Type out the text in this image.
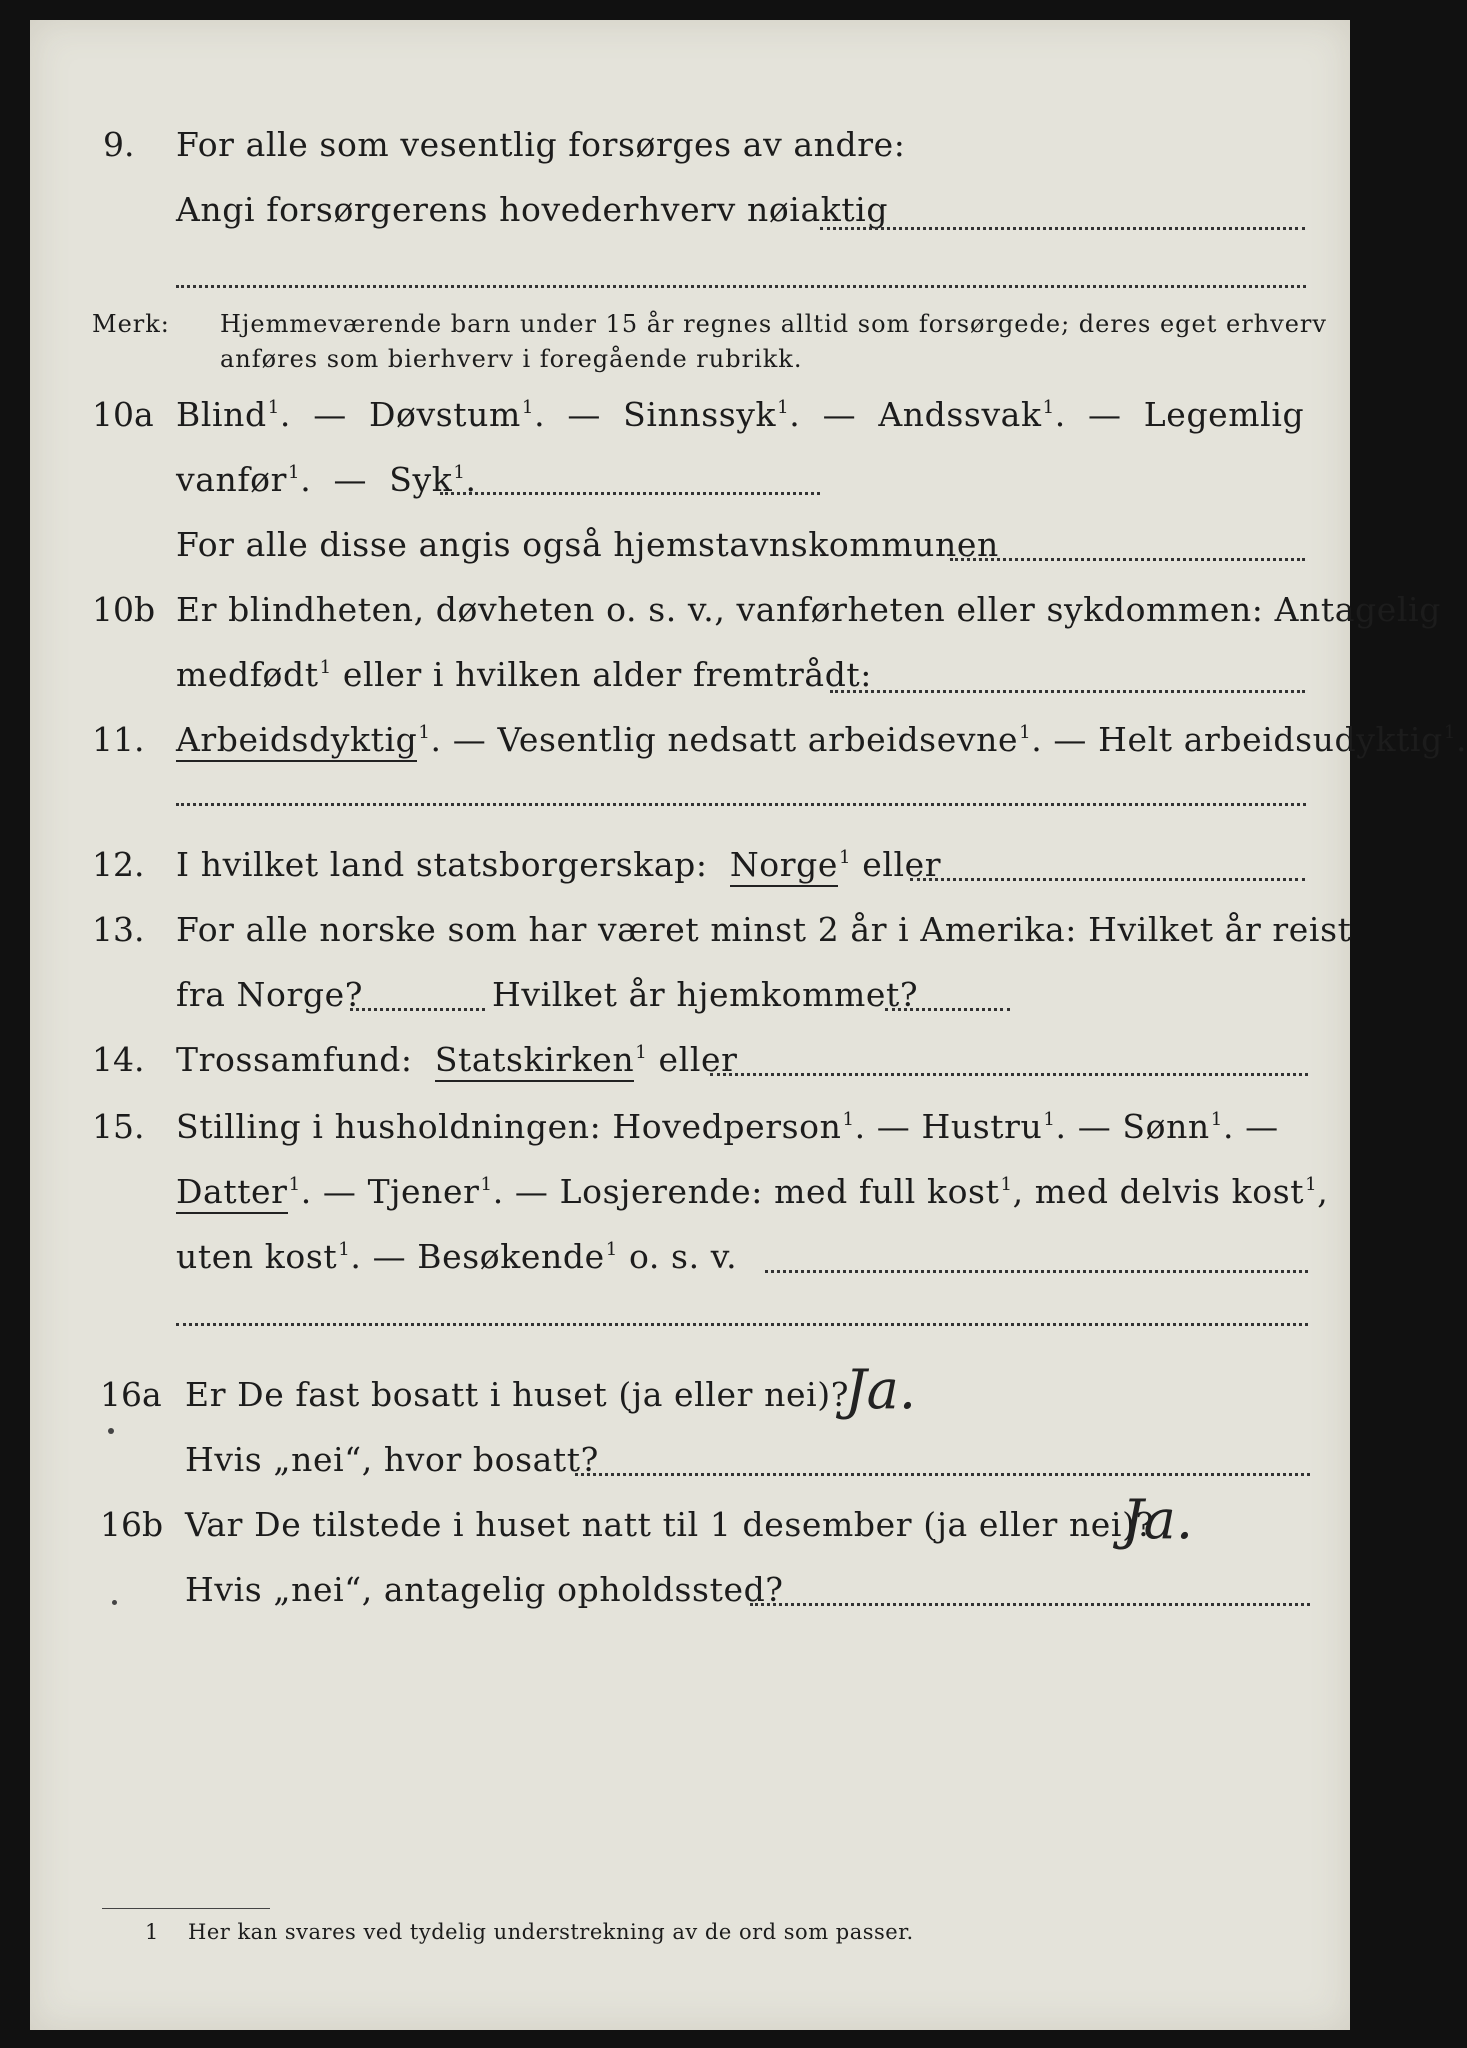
9. For alle som vesentlig forsørges av andre:
Angi forsørgerens hovederhverv nøiaktig
Merk: Hjemmeværende barn under 15 år regnes alltid som forsørgede; deres eget erhverv
anføres som bierhverv i foregående rubrikk.
10a Blind$^1$.  — Døvstum$^1$.  — Sinnssyk$^1$.  — Andssvak$^1$.  — Legemlig
vanfør$^1$.  — Syk$^1$.
For alle disse angis også hjemstavnskommunen
10b Er blindheten, døvheten o. s. v., vanførheten eller sykdommen: Antagelig
medfødt$^1$ eller i hvilken alder fremtrådt:
11. Arbeidsdyktig$^1$. — Vesentlig nedsatt arbeidsevne$^1$. — Helt arbeidsudyktig$^1$.
12. I hvilket land statsborgerskap: Norge$^1$ eller
13. For alle norske som har været minst 2 år i Amerika: Hvilket år reist
fra Norge?	Hvilket år hjemkommet?
14. Trossamfund: Statskirken$^1$ eller
15. Stilling i husholdningen: Hovedperson$^1$. — Hustru$^1$. — Sønn$^1$. —
Datter$^1$. — Tjener$^1$. — Losjerende: med full kost$^1$, med delvis kost$^1$,
uten kost$^1$. — Besøkende$^1$ o. s. v.
16a Er De fast bosatt i huset (ja eller nei)?
Ja.
Hvis „nei“, hvor bosatt?
16b Var De tilstede i huset natt til 1 desember (ja eller nei)?
Ja.
Hvis „nei“, antagelig opholdssted?
1 Her kan svares ved tydelig understrekning av de ord som passer.
